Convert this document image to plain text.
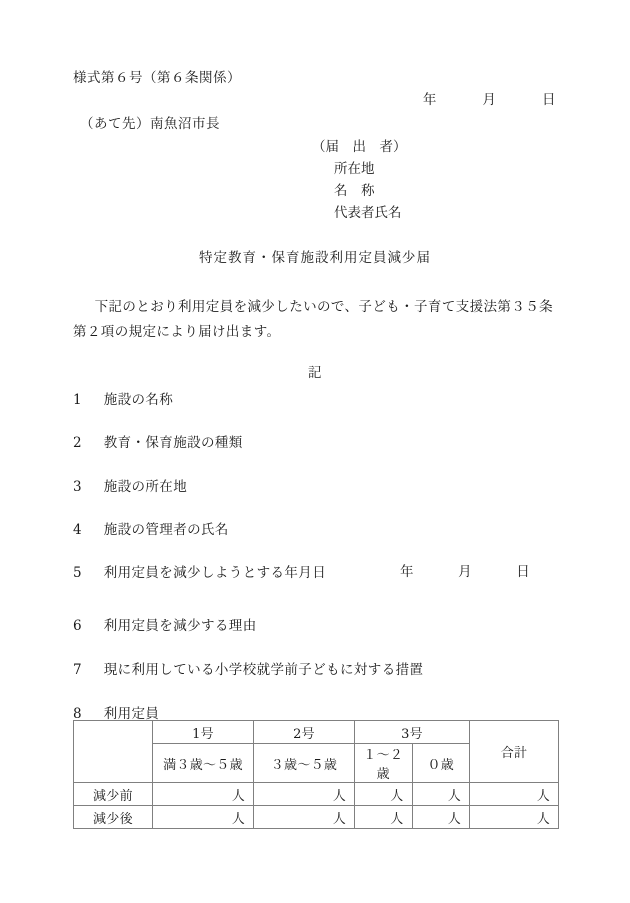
様式第６号（第６条関係）
年	月	日
（あて先）南魚沼市長
（届　出　者）
所在地
名　称
代表者氏名
特定教育・保育施設利用定員減少届
下記のとおり利用定員を減少したいので、子ども・子育て支援法第３５条第２項の規定により届け出ます。
記
1 施設の名称
2 教育・保育施設の種類
3 施設の所在地
4 施設の管理者の氏名
5 利用定員を減少しようとする年月日	年	月	日
6 利用定員を減少する理由
7 現に利用している小学校就学前子どもに対する措置
8 利用定員
	1号	2号	3号		合計
	満３歳〜５歳	３歳〜５歳	１〜２歳	０歳	
減少前	人	人	人	人	人
減少後	人	人	人	人	人
